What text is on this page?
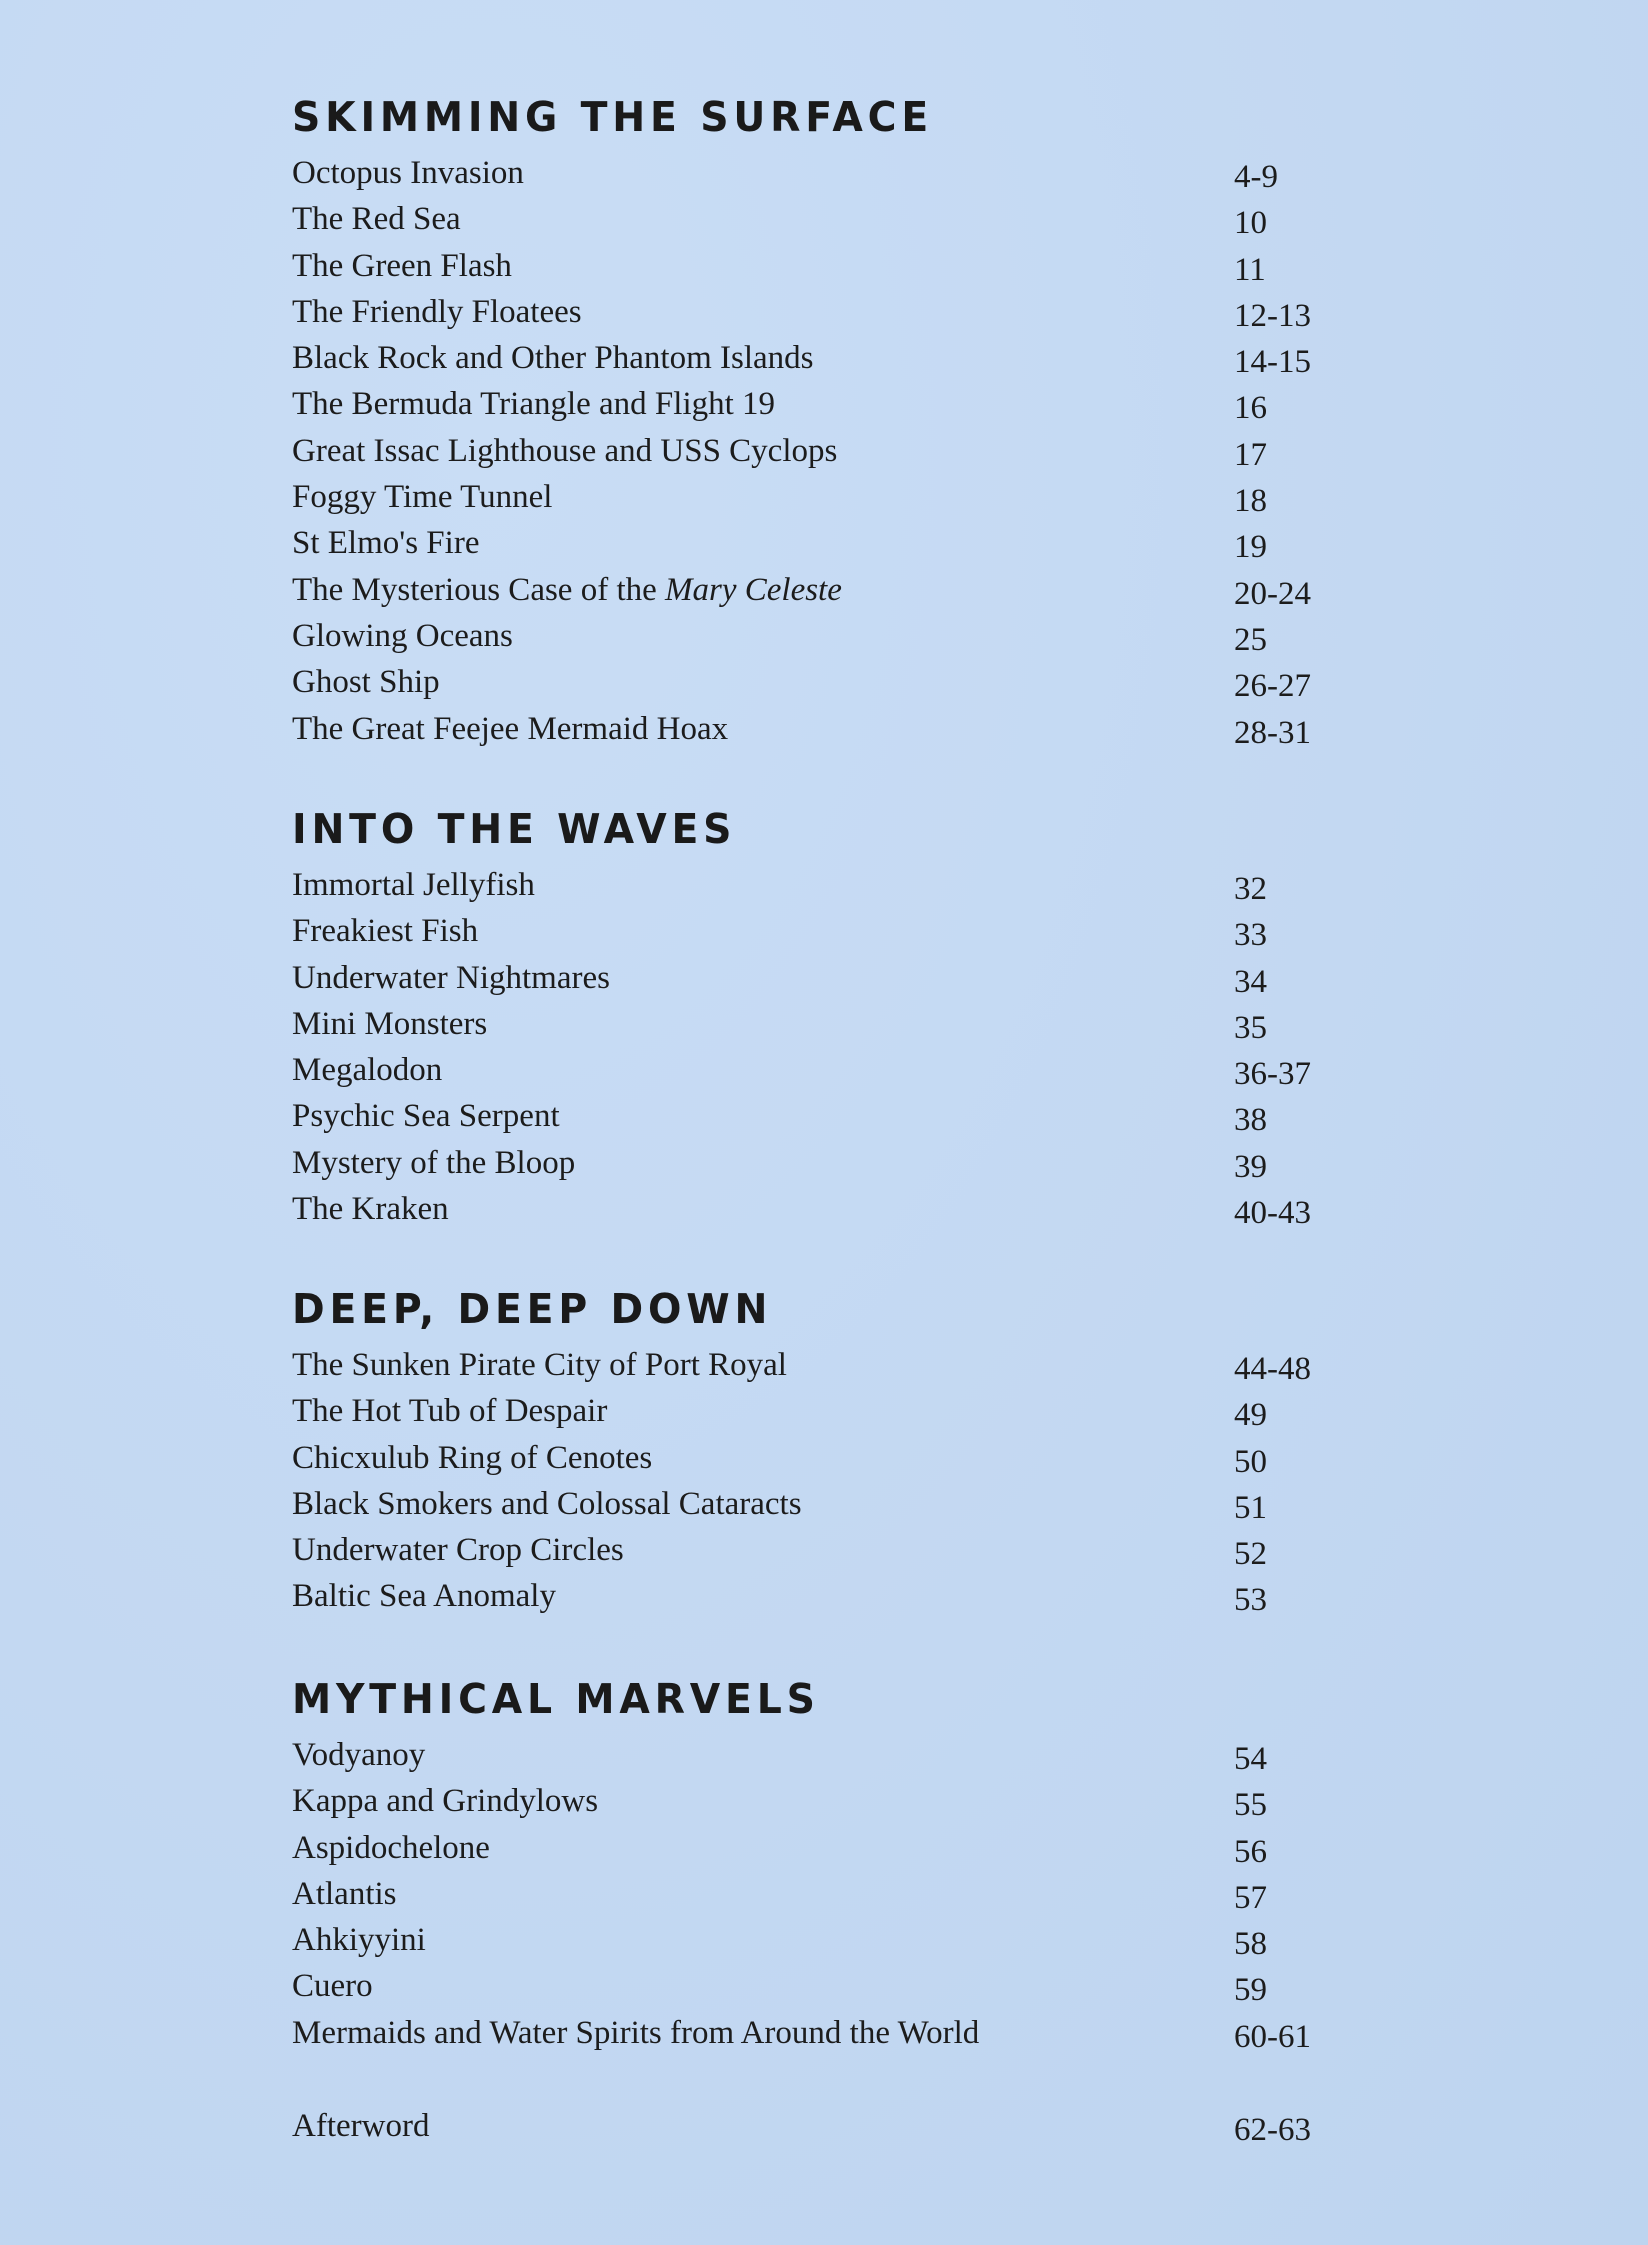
SKIMMING THE SURFACE
Octopus Invasion	4-9
The Red Sea	10
The Green Flash	11
The Friendly Floatees	12-13
Black Rock and Other Phantom Islands	14-15
The Bermuda Triangle and Flight 19	16
Great Issac Lighthouse and USS Cyclops	17
Foggy Time Tunnel	18
St Elmo's Fire	19
The Mysterious Case of the Mary Celeste	20-24
Glowing Oceans	25
Ghost Ship	26-27
The Great Feejee Mermaid Hoax	28-31
INTO THE WAVES
Immortal Jellyfish	32
Freakiest Fish	33
Underwater Nightmares	34
Mini Monsters	35
Megalodon	36-37
Psychic Sea Serpent	38
Mystery of the Bloop	39
The Kraken	40-43
DEEP, DEEP DOWN
The Sunken Pirate City of Port Royal	44-48
The Hot Tub of Despair	49
Chicxulub Ring of Cenotes	50
Black Smokers and Colossal Cataracts	51
Underwater Crop Circles	52
Baltic Sea Anomaly	53
MYTHICAL MARVELS
Vodyanoy	54
Kappa and Grindylows	55
Aspidochelone	56
Atlantis	57
Ahkiyyini	58
Cuero	59
Mermaids and Water Spirits from Around the World	60-61
Afterword	62-63
